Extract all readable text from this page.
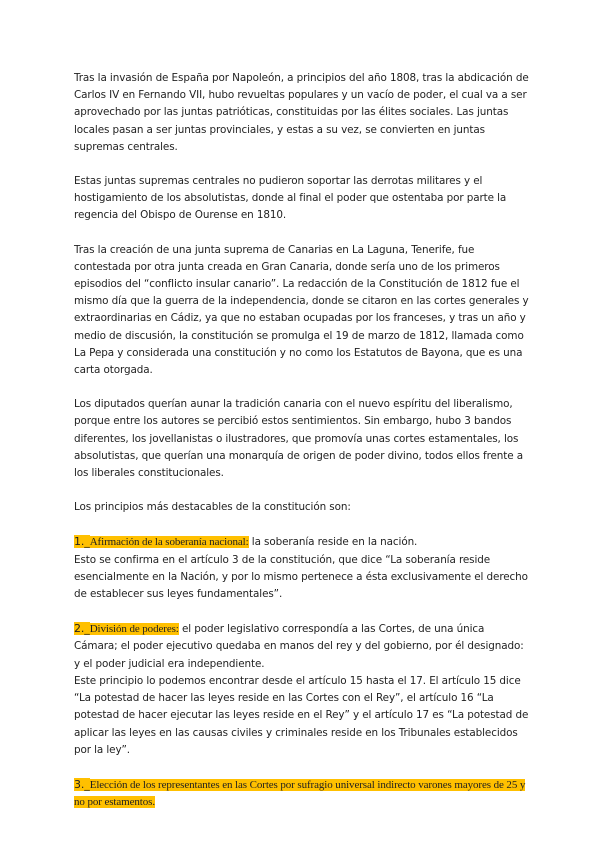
Tras la invasión de España por Napoleón, a principios del año 1808, tras la abdicación de Carlos IV en Fernando VII, hubo revueltas populares y un vacío de poder, el cual va a ser aprovechado por las juntas patrióticas, constituidas por las élites sociales. Las juntas locales pasan a ser juntas provinciales, y estas a su vez, se convierten en juntas supremas centrales.

Estas juntas supremas centrales no pudieron soportar las derrotas militares y el hostigamiento de los absolutistas, donde al final el poder que ostentaba por parte la regencia del Obispo de Ourense en 1810.

Tras la creación de una junta suprema de Canarias en La Laguna, Tenerife, fue contestada por otra junta creada en Gran Canaria, donde sería uno de los primeros episodios del “conflicto insular canario”. La redacción de la Constitución de 1812 fue el mismo día que la guerra de la independencia, donde se citaron en las cortes generales y extraordinarias en Cádiz, ya que no estaban ocupadas por los franceses, y tras un año y medio de discusión, la constitución se promulga el 19 de marzo de 1812, llamada como La Pepa y considerada una constitución y no como los Estatutos de Bayona, que es una carta otorgada.

Los diputados querían aunar la tradición canaria con el nuevo espíritu del liberalismo, porque entre los autores se percibió estos sentimientos. Sin embargo, hubo 3 bandos diferentes, los jovellanistas o ilustradores, que promovía unas cortes estamentales, los absolutistas, que querían una monarquía de origen de poder divino, todos ellos frente a los liberales constitucionales.

Los principios más destacables de la constitución son:

1._Afirmación de la soberanía nacional: la soberanía reside en la nación.

Esto se confirma en el artículo 3 de la constitución, que dice “La soberanía reside esencialmente en la Nación, y por lo mismo pertenece a ésta exclusivamente el derecho de establecer sus leyes fundamentales”.

2._División de poderes: el poder legislativo correspondía a las Cortes, de una única Cámara; el poder ejecutivo quedaba en manos del rey y del gobierno, por él designado: y el poder judicial era independiente.

Este principio lo podemos encontrar desde el artículo 15 hasta el 17. El artículo 15 dice “La potestad de hacer las leyes reside en las Cortes con el Rey”, el artículo 16 “La potestad de hacer ejecutar las leyes reside en el Rey” y el artículo 17 es “La potestad de aplicar las leyes en las causas civiles y criminales reside en los Tribunales establecidos por la ley”.

3._Elección de los representantes en las Cortes por sufragio universal indirecto varones mayores de 25 y no por estamentos.
